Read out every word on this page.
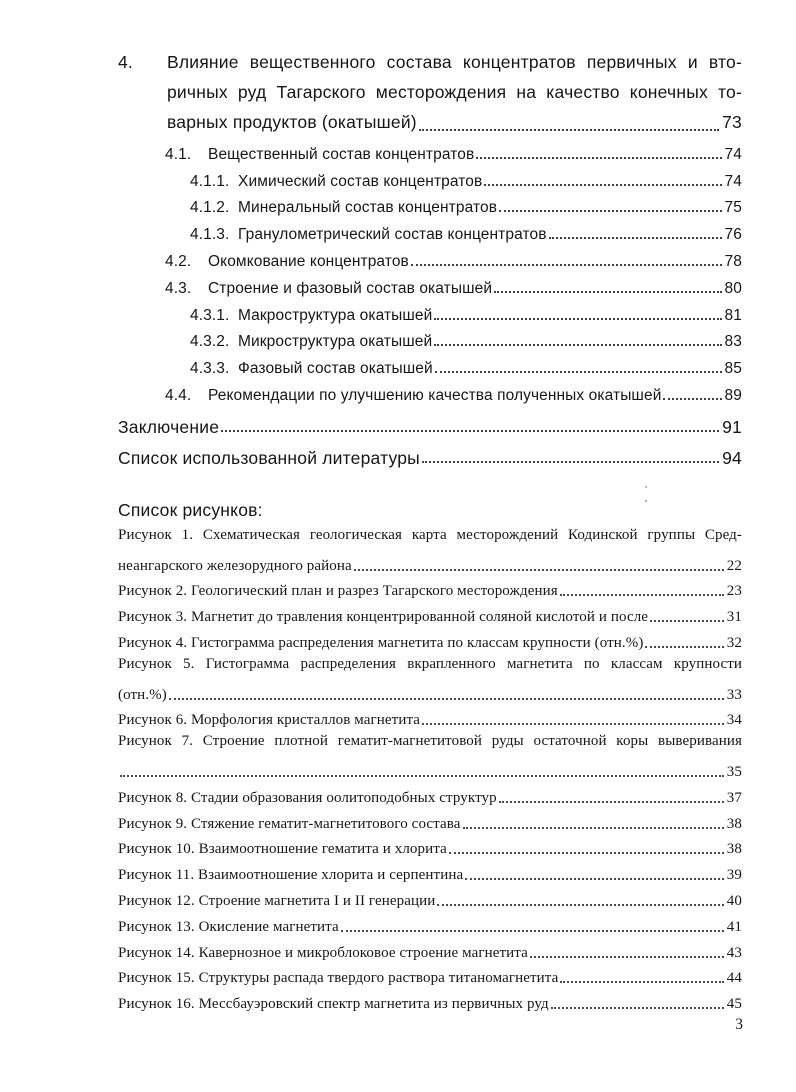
4.	Влияние вещественного состава концентратов первичных и вто-
ричных руд Тагарского месторождения на качество конечных то-
варных продуктов (окатышей)	73
4.1.	Вещественный состав концентратов	74
4.1.1. Химический состав концентратов	74
4.1.2. Минеральный состав концентратов	75
4.1.3. Гранулометрический состав концентратов	76
4.2.	Окомкование концентратов	78
4.3.	Строение и фазовый состав окатышей	80
4.3.1. Макроструктура окатышей	81
4.3.2. Микроструктура окатышей	83
4.3.3. Фазовый состав окатышей	85
4.4.	Рекомендации по улучшению качества полученных окатышей	89
Заключение	91
Список использованной литературы	94
Список рисунков:
Рисунок 1. Схематическая геологическая карта месторождений Кодинской группы Сред-
неангарского железорудного района	22
Рисунок 2. Геологический план и разрез Тагарского месторождения	23
Рисунок 3. Магнетит до травления концентрированной соляной кислотой и после	31
Рисунок 4. Гистограмма распределения магнетита по классам крупности (отн.%)	32
Рисунок 5. Гистограмма распределения вкрапленного магнетита по классам крупности
(отн.%)	33
Рисунок 6. Морфология кристаллов магнетита	34
Рисунок 7. Строение плотной гематит-магнетитовой руды остаточной коры выверивания
35
Рисунок 8. Стадии образования оолитоподобных структур	37
Рисунок 9. Стяжение гематит-магнетитового состава	38
Рисунок 10. Взаимоотношение гематита и хлорита	38
Рисунок 11. Взаимоотношение хлорита и серпентина	39
Рисунок 12. Строение магнетита I и II генерации	40
Рисунок 13. Окисление магнетита	41
Рисунок 14. Кавернозное и микроблоковое строение магнетита	43
Рисунок 15. Структуры распада твердого раствора титаномагнетита	44
Рисунок 16. Мессбауэровский спектр магнетита из первичных руд	45
3
